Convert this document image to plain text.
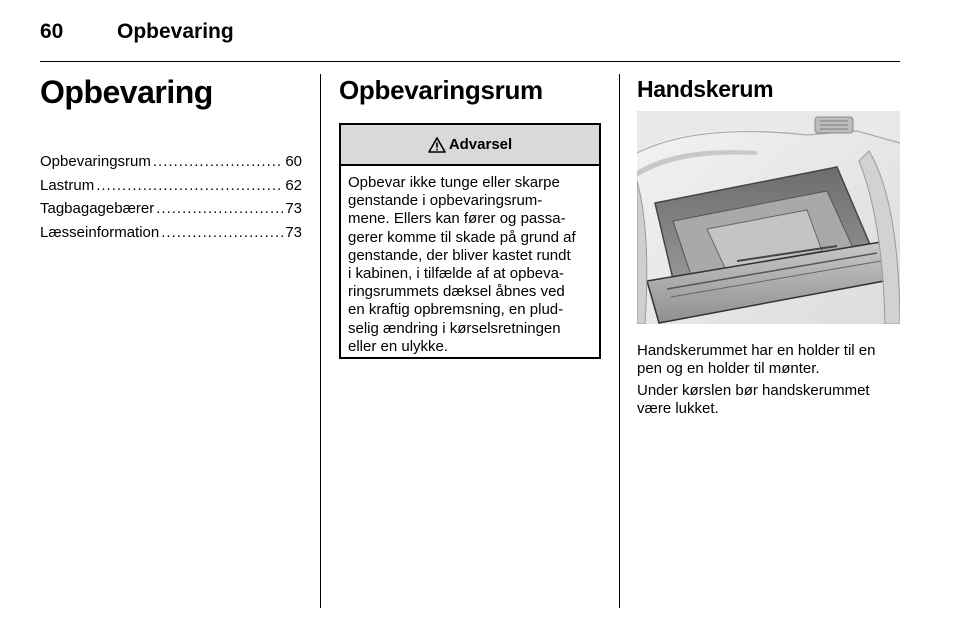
60	Opbevaring
Opbevaring
Opbevaringsrum .....	60
Lastrum .....	62
Tagbagagebærer .....	73
Læsseinformation .....	73
Opbevaringsrum
Advarsel
Opbevar ikke tunge eller skarpe
genstande i opbevaringsrum-
mene. Ellers kan fører og passa-
gerer komme til skade på grund af
genstande, der bliver kastet rundt
i kabinen, i tilfælde af at opbeva-
ringsrummets dæksel åbnes ved
en kraftig opbremsning, en plud-
selig ændring i kørselsretningen
eller en ulykke.
Handskerum
Handskerummet har en holder til en
pen og en holder til mønter.
Under kørslen bør handskerummet
være lukket.
